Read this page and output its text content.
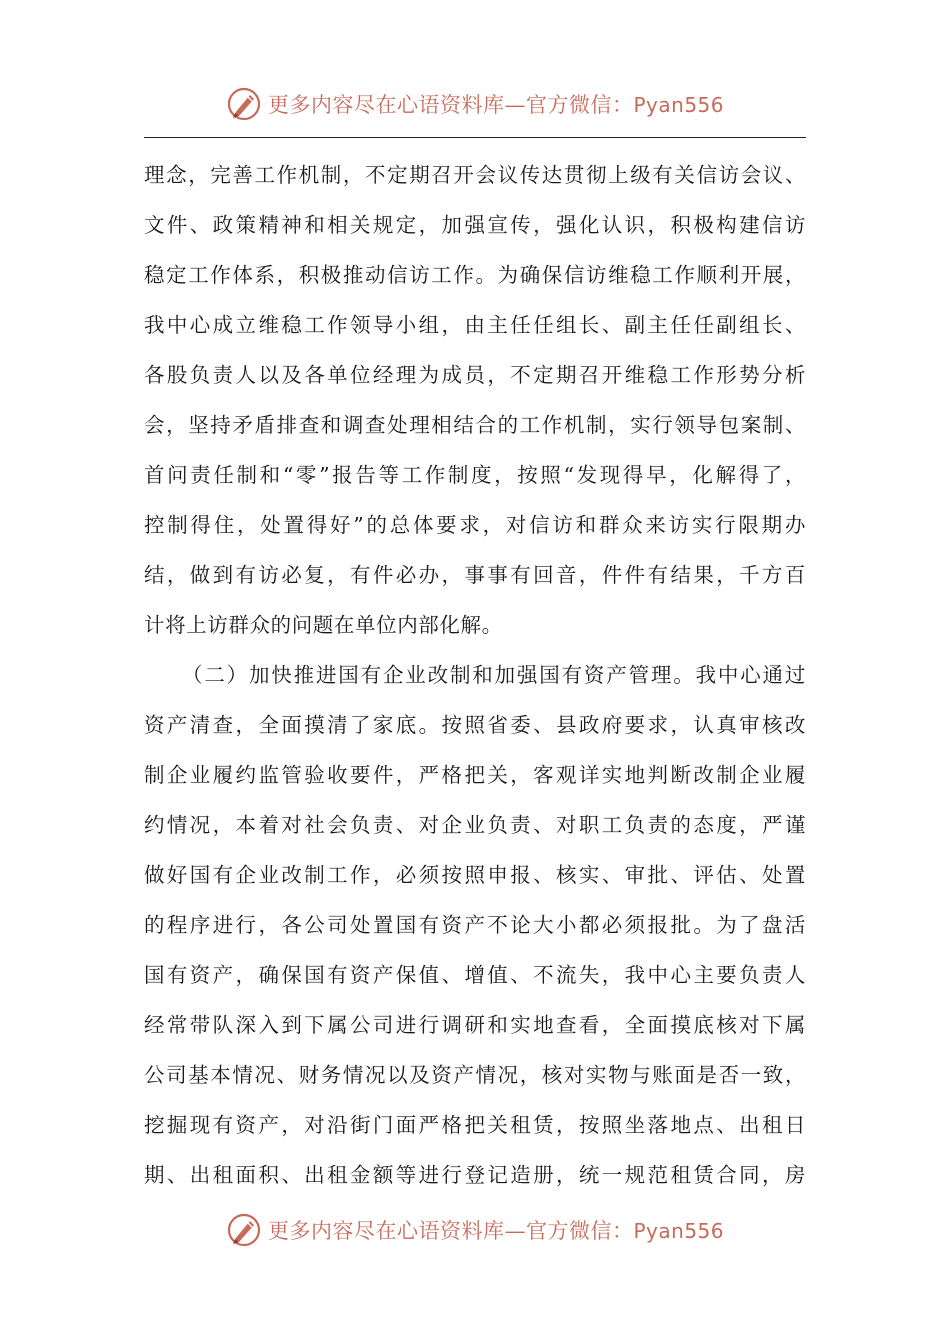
更多内容尽在心语资料库—官方微信：Pyan556
理念，完善工作机制，不定期召开会议传达贯彻上级有关信访会议、
文件、政策精神和相关规定，加强宣传，强化认识，积极构建信访
稳定工作体系，积极推动信访工作。为确保信访维稳工作顺利开展，
我中心成立维稳工作领导小组，由主任任组长、副主任任副组长、
各股负责人以及各单位经理为成员，不定期召开维稳工作形势分析
会，坚持矛盾排查和调查处理相结合的工作机制，实行领导包案制、
首问责任制和“零”报告等工作制度，按照“发现得早，化解得了，
控制得住，处置得好”的总体要求，对信访和群众来访实行限期办
结，做到有访必复，有件必办，事事有回音，件件有结果，千方百
计将上访群众的问题在单位内部化解。
（二）加快推进国有企业改制和加强国有资产管理。我中心通过
资产清查，全面摸清了家底。按照省委、县政府要求，认真审核改
制企业履约监管验收要件，严格把关，客观详实地判断改制企业履
约情况，本着对社会负责、对企业负责、对职工负责的态度，严谨
做好国有企业改制工作，必须按照申报、核实、审批、评估、处置
的程序进行，各公司处置国有资产不论大小都必须报批。为了盘活
国有资产，确保国有资产保值、增值、不流失，我中心主要负责人
经常带队深入到下属公司进行调研和实地查看，全面摸底核对下属
公司基本情况、财务情况以及资产情况，核对实物与账面是否一致，
挖掘现有资产，对沿街门面严格把关租赁，按照坐落地点、出租日
期、出租面积、出租金额等进行登记造册，统一规范租赁合同，房
更多内容尽在心语资料库—官方微信：Pyan556
